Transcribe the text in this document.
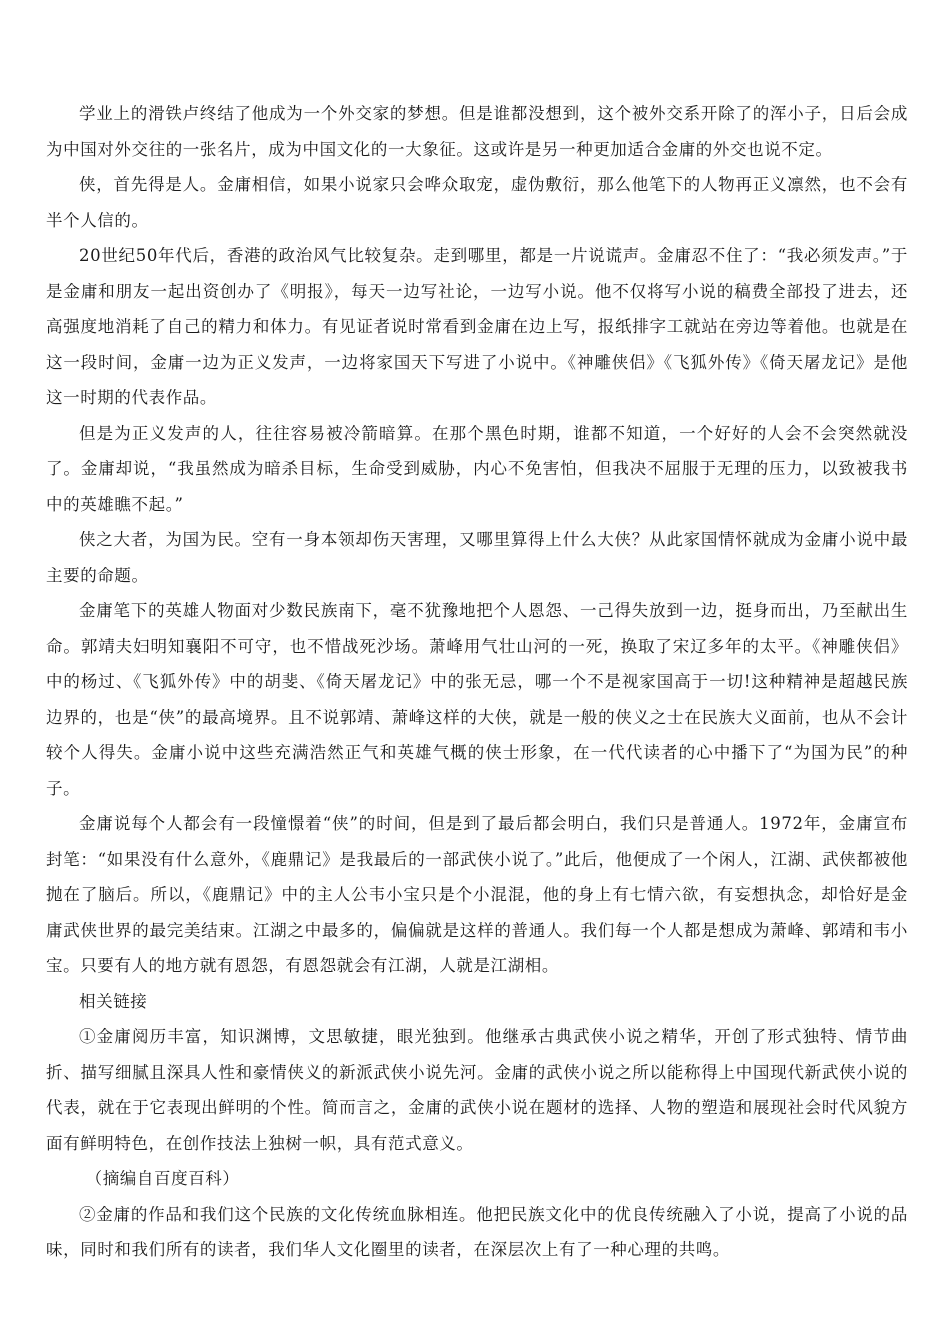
学业上的滑铁卢终结了他成为一个外交家的梦想。但是谁都没想到，这个被外交系开除了的浑小子，日后会成为中国对外交往的一张名片，成为中国文化的一大象征。这或许是另一种更加适合金庸的外交也说不定。

侠，首先得是人。金庸相信，如果小说家只会哗众取宠，虚伪敷衍，那么他笔下的人物再正义凛然，也不会有半个人信的。

20世纪50年代后，香港的政治风气比较复杂。走到哪里，都是一片说谎声。金庸忍不住了：“我必须发声。”于是金庸和朋友一起出资创办了《明报》，每天一边写社论，一边写小说。他不仅将写小说的稿费全部投了进去，还高强度地消耗了自己的精力和体力。有见证者说时常看到金庸在边上写，报纸排字工就站在旁边等着他。也就是在这一段时间，金庸一边为正义发声，一边将家国天下写进了小说中。《神雕侠侣》《飞狐外传》《倚天屠龙记》是他这一时期的代表作品。

但是为正义发声的人，往往容易被冷箭暗算。在那个黑色时期，谁都不知道，一个好好的人会不会突然就没了。金庸却说，“我虽然成为暗杀目标，生命受到威胁，内心不免害怕，但我决不屈服于无理的压力，以致被我书中的英雄瞧不起。”

侠之大者，为国为民。空有一身本领却伤天害理，又哪里算得上什么大侠？从此家国情怀就成为金庸小说中最主要的命题。

金庸笔下的英雄人物面对少数民族南下，毫不犹豫地把个人恩怨、一己得失放到一边，挺身而出，乃至献出生命。郭靖夫妇明知襄阳不可守，也不惜战死沙场。萧峰用气壮山河的一死，换取了宋辽多年的太平。《神雕侠侣》中的杨过、《飞狐外传》中的胡斐、《倚天屠龙记》中的张无忌，哪一个不是视家国高于一切!这种精神是超越民族边界的，也是“侠”的最高境界。且不说郭靖、萧峰这样的大侠，就是一般的侠义之士在民族大义面前，也从不会计较个人得失。金庸小说中这些充满浩然正气和英雄气概的侠士形象，在一代代读者的心中播下了“为国为民”的种子。

金庸说每个人都会有一段憧憬着“侠”的时间，但是到了最后都会明白，我们只是普通人。1972年，金庸宣布封笔：“如果没有什么意外，《鹿鼎记》是我最后的一部武侠小说了。”此后，他便成了一个闲人，江湖、武侠都被他抛在了脑后。所以，《鹿鼎记》中的主人公韦小宝只是个小混混，他的身上有七情六欲，有妄想执念，却恰好是金庸武侠世界的最完美结束。江湖之中最多的，偏偏就是这样的普通人。我们每一个人都是想成为萧峰、郭靖和韦小宝。只要有人的地方就有恩怨，有恩怨就会有江湖，人就是江湖相。

相关链接

①金庸阅历丰富，知识渊博，文思敏捷，眼光独到。他继承古典武侠小说之精华，开创了形式独特、情节曲折、描写细腻且深具人性和豪情侠义的新派武侠小说先河。金庸的武侠小说之所以能称得上中国现代新武侠小说的代表，就在于它表现出鲜明的个性。简而言之，金庸的武侠小说在题材的选择、人物的塑造和展现社会时代风貌方面有鲜明特色，在创作技法上独树一帜，具有范式意义。

（摘编自百度百科）

②金庸的作品和我们这个民族的文化传统血脉相连。他把民族文化中的优良传统融入了小说，提高了小说的品味，同时和我们所有的读者，我们华人文化圈里的读者，在深层次上有了一种心理的共鸣。
